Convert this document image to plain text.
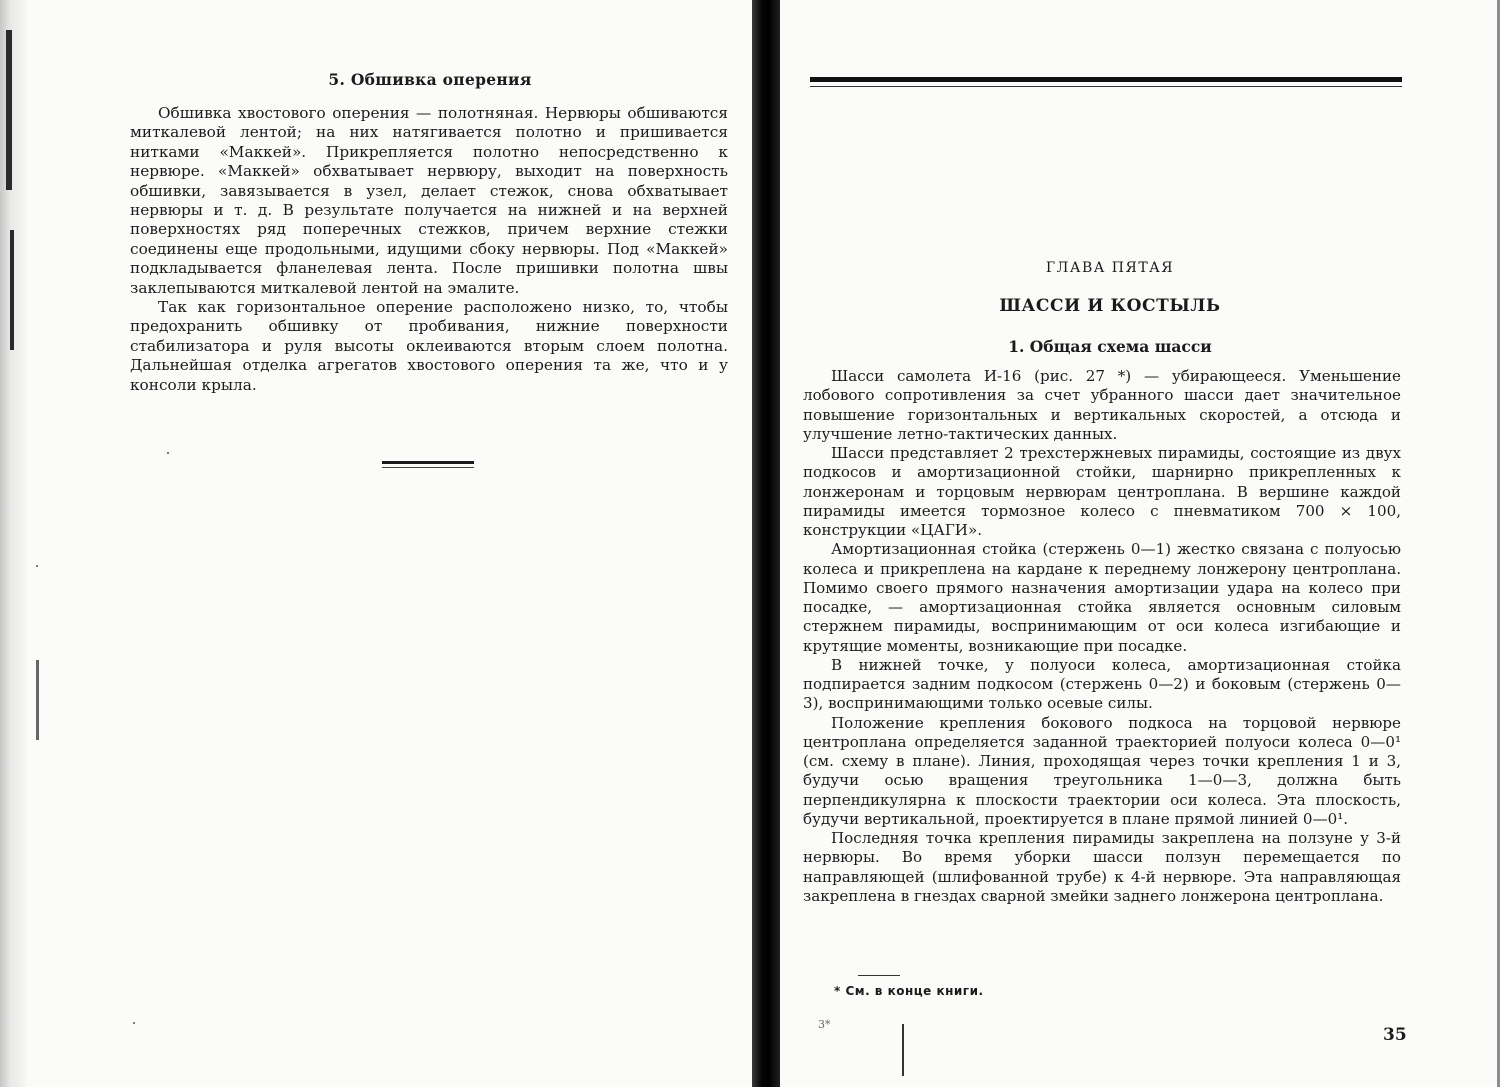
5. Обшивка оперения

Обшивка хвостового оперения — полотняная. Нервюры обшиваются миткалевой лентой; на них натягивается полотно и пришивается нитками «Маккей». Прикрепляется полотно непосредственно к нервюре. «Маккей» обхватывает нервюру, выходит на поверхность обшивки, завязывается в узел, делает стежок, снова обхватывает нервюры и т. д. В результате получается на нижней и на верхней поверхностях ряд поперечных стежков, причем верхние стежки соединены еще продольными, идущими сбоку нервюры. Под «Маккей» подкладывается фланелевая лента. После пришивки полотна швы заклепываются миткалевой лентой на эмалите.

Так как горизонтальное оперение расположено низко, то, чтобы предохранить обшивку от пробивания, нижние поверхности стабилизатора и руля высоты оклеиваются вторым слоем полотна. Дальнейшая отделка агрегатов хвостового оперения та же, что и у консоли крыла.

ГЛАВА ПЯТАЯ
ШАССИ И КОСТЫЛЬ
1. Общая схема шасси

Шасси самолета И-16 (рис. 27 *) — убирающееся. Уменьшение лобового сопротивления за счет убранного шасси дает значительное повышение горизонтальных и вертикальных скоростей, а отсюда и улучшение летно-тактических данных.

Шасси представляет 2 трехстержневых пирамиды, состоящие из двух подкосов и амортизационной стойки, шарнирно прикрепленных к лонжеронам и торцовым нервюрам центроплана. В вершине каждой пирамиды имеется тормозное колесо с пневматиком 700 × 100, конструкции «ЦАГИ».

Амортизационная стойка (стержень 0—1) жестко связана с полуосью колеса и прикреплена на кардане к переднему лонжерону центроплана. Помимо своего прямого назначения амортизации удара на колесо при посадке, — амортизационная стойка является основным силовым стержнем пирамиды, воспринимающим от оси колеса изгибающие и крутящие моменты, возникающие при посадке.

В нижней точке, у полуоси колеса, амортизационная стойка подпирается задним подкосом (стержень 0—2) и боковым (стержень 0—3), воспринимающими только осевые силы.

Положение крепления бокового подкоса на торцовой нервюре центроплана определяется заданной траекторией полуоси колеса 0—0¹ (см. схему в плане). Линия, проходящая через точки крепления 1 и 3, будучи осью вращения треугольника 1—0—3, должна быть перпендикулярна к плоскости траектории оси колеса. Эта плоскость, будучи вертикальной, проектируется в плане прямой линией 0—0¹.

Последняя точка крепления пирамиды закреплена на ползуне у 3-й нервюры. Во время уборки шасси ползун перемещается по направляющей (шлифованной трубе) к 4-й нервюре. Эта направляющая закреплена в гнездах сварной змейки заднего лонжерона центроплана.

* См. в конце книги.
3*
35
